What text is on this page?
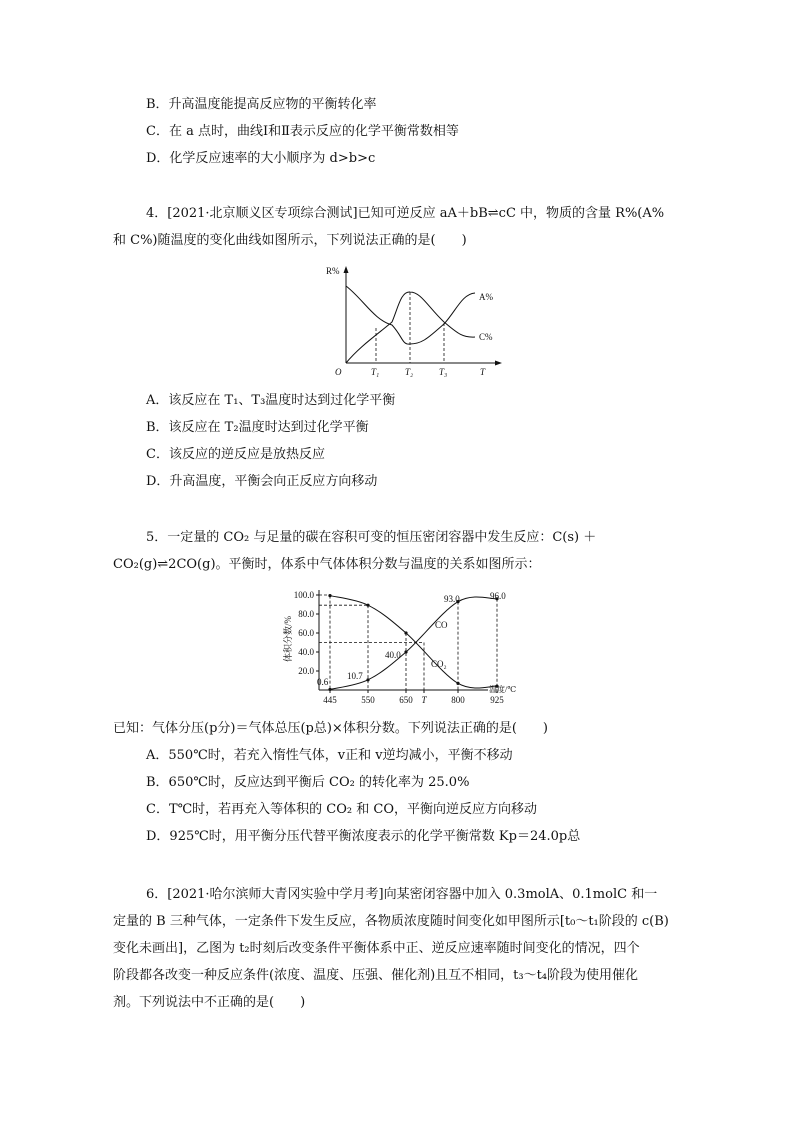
B．升高温度能提高反应物的平衡转化率
C．在 a 点时，曲线Ⅰ和Ⅱ表示反应的化学平衡常数相等
D．化学反应速率的大小顺序为 d>b>c
4．[2021·北京顺义区专项综合测试]已知可逆反应 aA＋bB⇌cC 中，物质的含量 R%(A%
和 C%)随温度的变化曲线如图所示，下列说法正确的是(　　)
R%
O	T
T₁	T₂	T₃
A%
C%
A．该反应在 T₁、T₃温度时达到过化学平衡
B．该反应在 T₂温度时达到过化学平衡
C．该反应的逆反应是放热反应
D．升高温度，平衡会向正反应方向移动
5．一定量的 CO₂ 与足量的碳在容积可变的恒压密闭容器中发生反应：C(s) ＋
CO₂(g)⇌2CO(g)。平衡时，体系中气体体积分数与温度的关系如图所示：
体积分数/%
20.0
40.0
60.0
80.0
100.0
445	550	650 T	800	925
温度/℃
CO
CO₂
0.6
10.7
40.0
93.0	96.0
已知：气体分压(p分)＝气体总压(p总)×体积分数。下列说法正确的是(　　)
A．550℃时，若充入惰性气体，v正和 v逆均减小，平衡不移动
B．650℃时，反应达到平衡后 CO₂ 的转化率为 25.0%
C．T℃时，若再充入等体积的 CO₂ 和 CO，平衡向逆反应方向移动
D．925℃时，用平衡分压代替平衡浓度表示的化学平衡常数 Kp＝24.0p总
6．[2021·哈尔滨师大青冈实验中学月考]向某密闭容器中加入 0.3molA、0.1molC 和一
定量的 B 三种气体，一定条件下发生反应，各物质浓度随时间变化如甲图所示[t₀～t₁阶段的 c(B)
变化未画出]，乙图为 t₂时刻后改变条件平衡体系中正、逆反应速率随时间变化的情况，四个
阶段都各改变一种反应条件(浓度、温度、压强、催化剂)且互不相同，t₃～t₄阶段为使用催化
剂。下列说法中不正确的是(　　)
